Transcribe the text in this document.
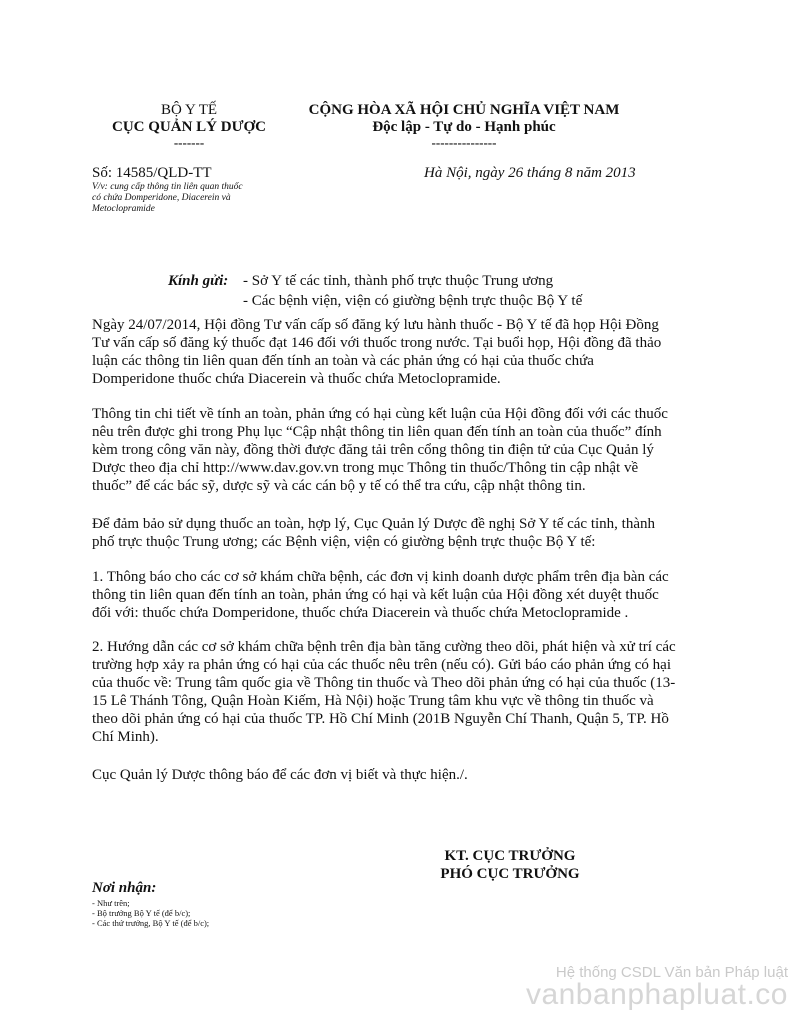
BỘ Y TẾ
CỤC QUẢN LÝ DƯỢC
-------
CỘNG HÒA XÃ HỘI CHỦ NGHĨA VIỆT NAM
Độc lập - Tự do - Hạnh phúc
---------------
Số: 14585/QLD-TT
V/v: cung cấp thông tin liên quan thuốc
có chứa Domperidone, Diacerein và
Metoclopramide
Hà Nội, ngày 26 tháng 8 năm 2013
Kính gửi: - Sở Y tế các tỉnh, thành phố trực thuộc Trung ương
- Các bệnh viện, viện có giường bệnh trực thuộc Bộ Y tế
Ngày 24/07/2014, Hội đồng Tư vấn cấp số đăng ký lưu hành thuốc - Bộ Y tế đã họp Hội Đồng
Tư vấn cấp số đăng ký thuốc đạt 146 đối với thuốc trong nước. Tại buổi họp, Hội đồng đã thảo
luận các thông tin liên quan đến tính an toàn và các phản ứng có hại của thuốc chứa
Domperidone thuốc chứa Diacerein và thuốc chứa Metoclopramide.
Thông tin chi tiết về tính an toàn, phản ứng có hại cùng kết luận của Hội đồng đối với các thuốc
nêu trên được ghi trong Phụ lục “Cập nhật thông tin liên quan đến tính an toàn của thuốc” đính
kèm trong công văn này, đồng thời được đăng tải trên cổng thông tin điện tử của Cục Quản lý
Dược theo địa chỉ http://www.dav.gov.vn trong mục Thông tin thuốc/Thông tin cập nhật về
thuốc” để các bác sỹ, dược sỹ và các cán bộ y tế có thể tra cứu, cập nhật thông tin.
Để đảm bảo sử dụng thuốc an toàn, hợp lý, Cục Quản lý Dược đề nghị Sở Y tế các tỉnh, thành
phố trực thuộc Trung ương; các Bệnh viện, viện có giường bệnh trực thuộc Bộ Y tế:
1. Thông báo cho các cơ sở khám chữa bệnh, các đơn vị kinh doanh dược phẩm trên địa bàn các
thông tin liên quan đến tính an toàn, phản ứng có hại và kết luận của Hội đồng xét duyệt thuốc
đối với: thuốc chứa Domperidone, thuốc chứa Diacerein và thuốc chứa Metoclopramide .
2. Hướng dẫn các cơ sở khám chữa bệnh trên địa bàn tăng cường theo dõi, phát hiện và xử trí các
trường hợp xảy ra phản ứng có hại của các thuốc nêu trên (nếu có). Gửi báo cáo phản ứng có hại
của thuốc về: Trung tâm quốc gia về Thông tin thuốc và Theo dõi phản ứng có hại của thuốc (13-
15 Lê Thánh Tông, Quận Hoàn Kiếm, Hà Nội) hoặc Trung tâm khu vực về thông tin thuốc và
theo dõi phản ứng có hại của thuốc TP. Hồ Chí Minh (201B Nguyễn Chí Thanh, Quận 5, TP. Hồ
Chí Minh).
Cục Quản lý Dược thông báo để các đơn vị biết và thực hiện./.
KT. CỤC TRƯỞNG
PHÓ CỤC TRƯỞNG
Nơi nhận:
- Như trên;
- Bộ trưởng Bộ Y tế (để b/c);
- Các thứ trưởng, Bộ Y tế (để b/c);
Hệ thống CSDL Văn bản Pháp luật
vanbanphapluat.co
